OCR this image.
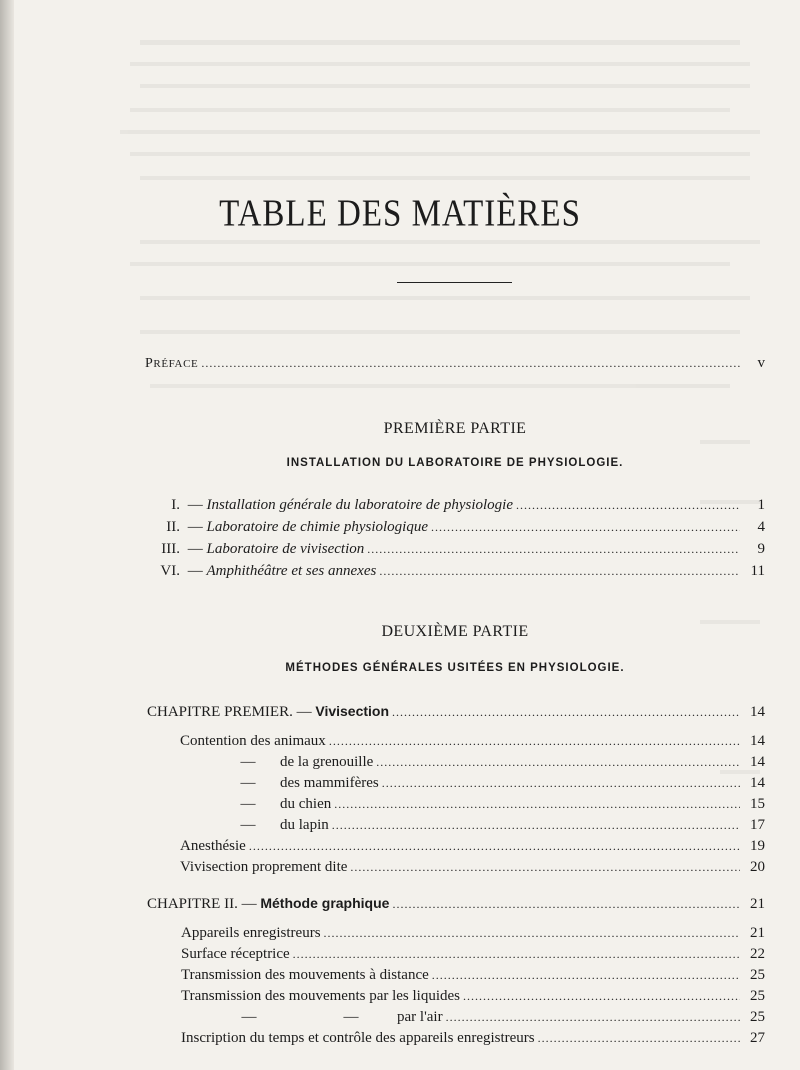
TABLE DES MATIÈRES
PRÉFACE .....	v
PREMIÈRE PARTIE
INSTALLATION DU LABORATOIRE DE PHYSIOLOGIE.
I. — Installation générale du laboratoire de physiologie .....	1
II. — Laboratoire de chimie physiologique .....	4
III. — Laboratoire de vivisection .....	9
VI. — Amphithéâtre et ses annexes .....	11
DEUXIÈME PARTIE
MÉTHODES GÉNÉRALES USITÉES EN PHYSIOLOGIE.
CHAPITRE PREMIER. — Vivisection .....	14
Contention des animaux .....	14
— de la grenouille .....	14
— des mammifères .....	14
— du chien .....	15
— du lapin .....	17
Anesthésie .....	19
Vivisection proprement dite .....	20
CHAPITRE II. — Méthode graphique .....	21
Appareils enregistreurs .....	21
Surface réceptrice .....	22
Transmission des mouvements à distance .....	25
Transmission des mouvements par les liquides .....	25
—	—	par l'air .....	25
Inscription du temps et contrôle des appareils enregistreurs .....	27
